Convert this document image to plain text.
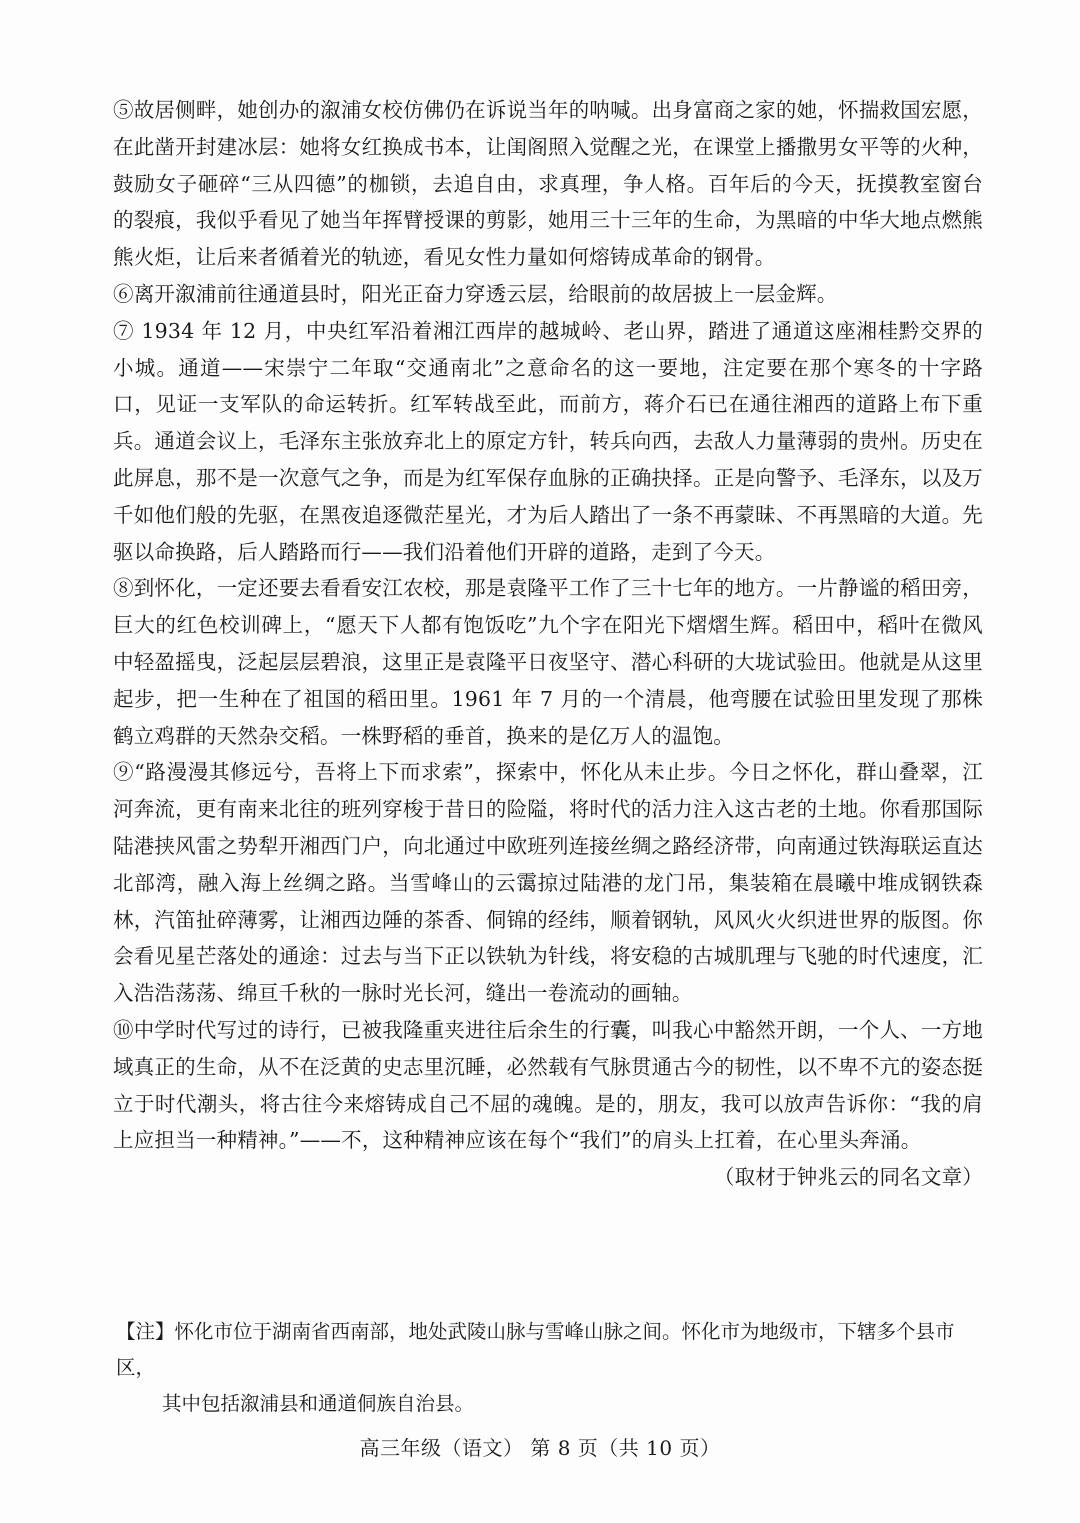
⑤故居侧畔，她创办的溆浦女校仿佛仍在诉说当年的呐喊。出身富商之家的她，怀揣救国宏愿，在此凿开封建冰层：她将女红换成书本，让闺阁照入觉醒之光，在课堂上播撒男女平等的火种，鼓励女子砸碎“三从四德”的枷锁，去追自由，求真理，争人格。百年后的今天，抚摸教室窗台的裂痕，我似乎看见了她当年挥臂授课的剪影，她用三十三年的生命，为黑暗的中华大地点燃熊熊火炬，让后来者循着光的轨迹，看见女性力量如何熔铸成革命的钢骨。

⑥离开溆浦前往通道县时，阳光正奋力穿透云层，给眼前的故居披上一层金辉。

⑦ 1934 年 12 月，中央红军沿着湘江西岸的越城岭、老山界，踏进了通道这座湘桂黔交界的小城。通道——宋崇宁二年取“交通南北”之意命名的这一要地，注定要在那个寒冬的十字路口，见证一支军队的命运转折。红军转战至此，而前方，蒋介石已在通往湘西的道路上布下重兵。通道会议上，毛泽东主张放弃北上的原定方针，转兵向西，去敌人力量薄弱的贵州。历史在此屏息，那不是一次意气之争，而是为红军保存血脉的正确抉择。正是向警予、毛泽东，以及万千如他们般的先驱，在黑夜追逐微茫星光，才为后人踏出了一条不再蒙昧、不再黑暗的大道。先驱以命换路，后人踏路而行——我们沿着他们开辟的道路，走到了今天。

⑧到怀化，一定还要去看看安江农校，那是袁隆平工作了三十七年的地方。一片静谧的稻田旁，巨大的红色校训碑上，“愿天下人都有饱饭吃”九个字在阳光下熠熠生辉。稻田中，稻叶在微风中轻盈摇曳，泛起层层碧浪，这里正是袁隆平日夜坚守、潜心科研的大垅试验田。他就是从这里起步，把一生种在了祖国的稻田里。1961 年 7 月的一个清晨，他弯腰在试验田里发现了那株鹤立鸡群的天然杂交稻。一株野稻的垂首，换来的是亿万人的温饱。

⑨“路漫漫其修远兮，吾将上下而求索”，探索中，怀化从未止步。今日之怀化，群山叠翠，江河奔流，更有南来北往的班列穿梭于昔日的险隘，将时代的活力注入这古老的土地。你看那国际陆港挟风雷之势犁开湘西门户，向北通过中欧班列连接丝绸之路经济带，向南通过铁海联运直达北部湾，融入海上丝绸之路。当雪峰山的云霭掠过陆港的龙门吊，集装箱在晨曦中堆成钢铁森林，汽笛扯碎薄雾，让湘西边陲的茶香、侗锦的经纬，顺着钢轨，风风火火织进世界的版图。你会看见星芒落处的通途：过去与当下正以铁轨为针线，将安稳的古城肌理与飞驰的时代速度，汇入浩浩荡荡、绵亘千秋的一脉时光长河，缝出一卷流动的画轴。

⑩中学时代写过的诗行，已被我隆重夹进往后余生的行囊，叫我心中豁然开朗，一个人、一方地域真正的生命，从不在泛黄的史志里沉睡，必然载有气脉贯通古今的韧性，以不卑不亢的姿态挺立于时代潮头，将古往今来熔铸成自己不屈的魂魄。是的，朋友，我可以放声告诉你：“我的肩上应担当一种精神。”——不，这种精神应该在每个“我们”的肩头上扛着，在心里头奔涌。

（取材于钟兆云的同名文章）

【注】怀化市位于湖南省西南部，地处武陵山脉与雪峰山脉之间。怀化市为地级市，下辖多个县市区，

其中包括溆浦县和通道侗族自治县。

高三年级（语文） 第 8 页（共 10 页）
